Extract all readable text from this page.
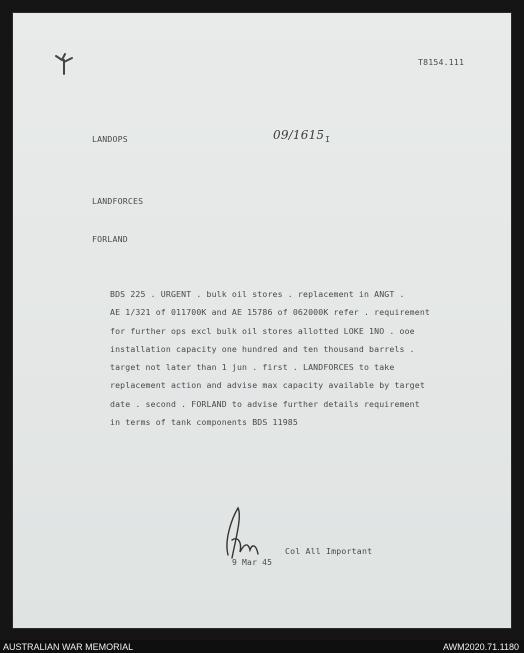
T8154.111
LANDOPS	09/1615 I
LANDFORCES
FORLAND
BDS 225 . URGENT . bulk oil stores . replacement in ANGT .
AE 1/321 of 011700K and AE 15786 of 062000K refer . requirement
for further ops excl bulk oil stores allotted LOKE 1NO . ooe
installation capacity one hundred and ten thousand barrels .
target not later than 1 jun . first . LANDFORCES to take
replacement action and advise max capacity available by target
date . second . FORLAND to advise further details requirement
in terms of tank components BDS 11985
Col All Important
9 Mar 45
AUSTRALIAN WAR MEMORIAL	AWM2020.71.1180
